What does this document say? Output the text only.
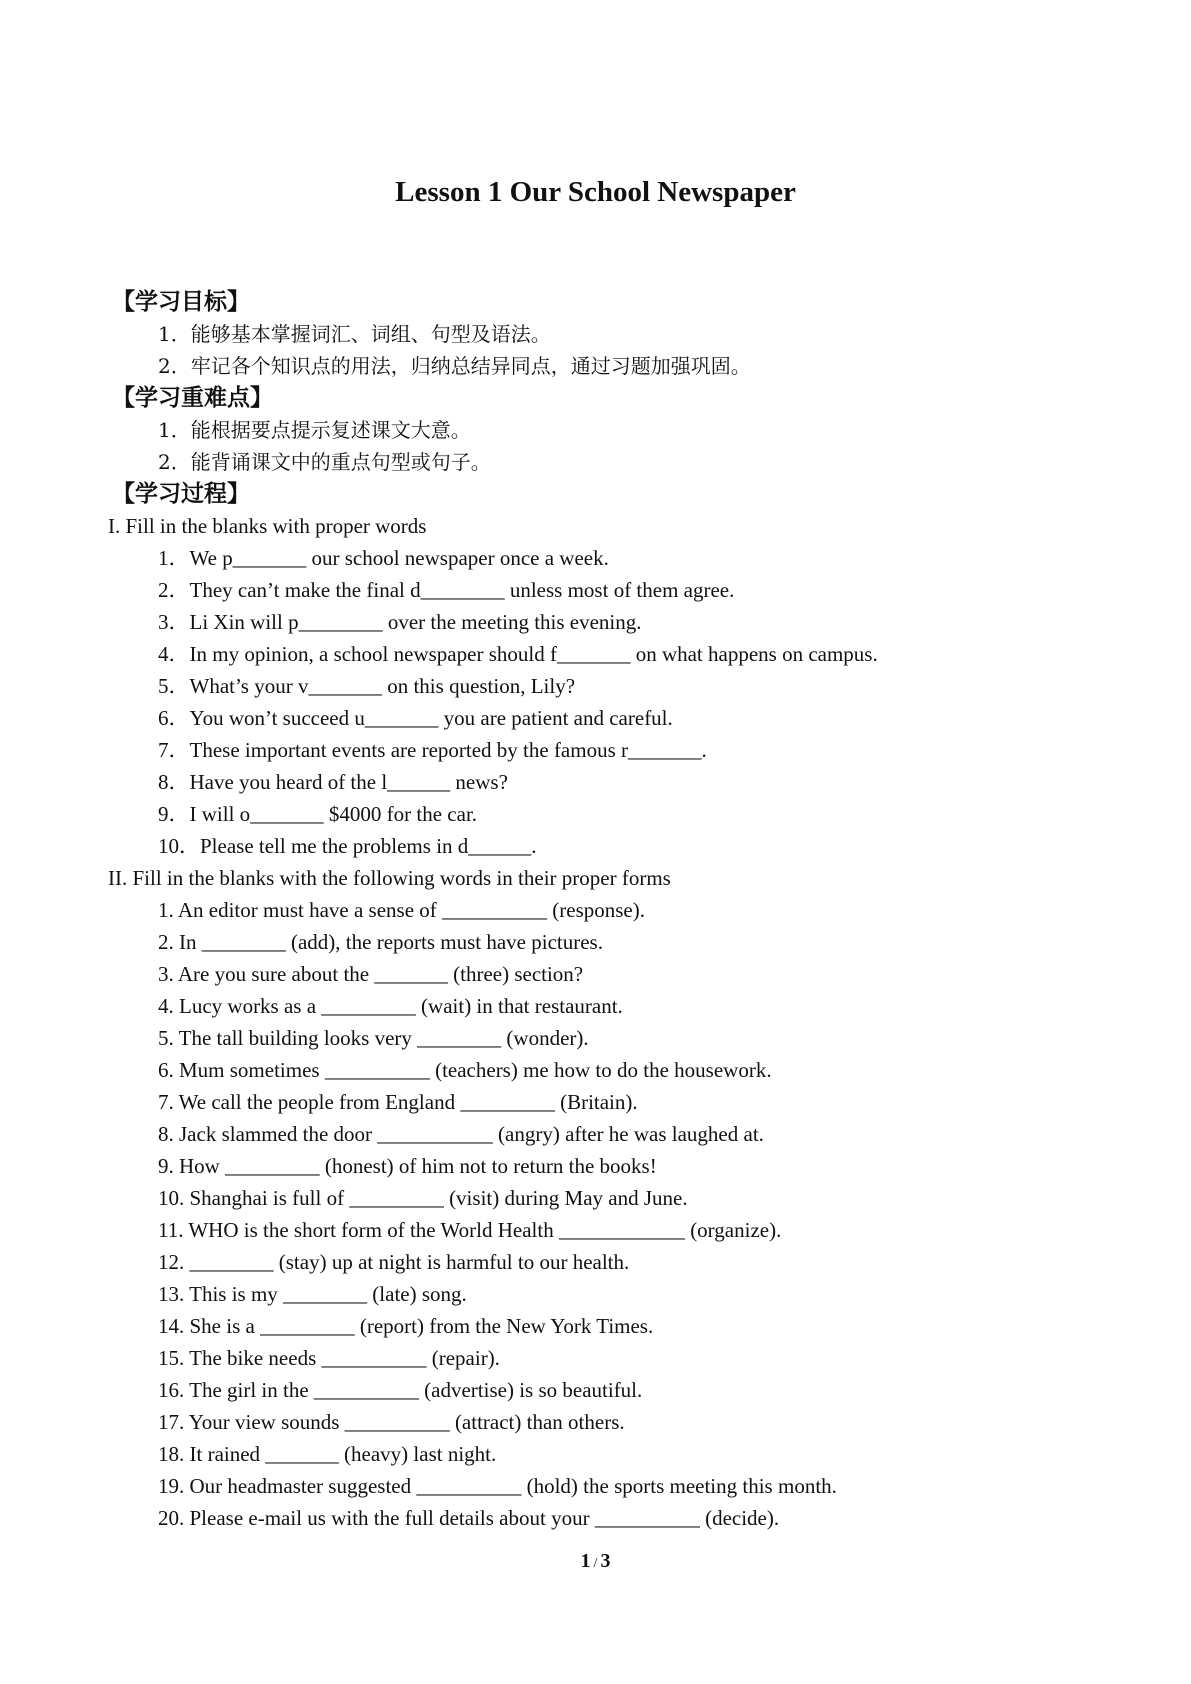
Lesson 1 Our School Newspaper
【学习目标】
1．能够基本掌握词汇、词组、句型及语法。
2．牢记各个知识点的用法，归纳总结异同点，通过习题加强巩固。
【学习重难点】
1．能根据要点提示复述课文大意。
2．能背诵课文中的重点句型或句子。
【学习过程】
I. Fill in the blanks with proper words
1．We p_______ our school newspaper once a week.
2．They can’t make the final d________ unless most of them agree.
3．Li Xin will p________ over the meeting this evening.
4．In my opinion, a school newspaper should f_______ on what happens on campus.
5．What’s your v_______ on this question, Lily?
6．You won’t succeed u_______ you are patient and careful.
7．These important events are reported by the famous r_______.
8．Have you heard of the l______ news?
9．I will o_______ $4000 for the car.
10．Please tell me the problems in d______.
II. Fill in the blanks with the following words in their proper forms
1. An editor must have a sense of __________ (response).
2. In ________ (add), the reports must have pictures.
3. Are you sure about the _______ (three) section?
4. Lucy works as a _________ (wait) in that restaurant.
5. The tall building looks very ________ (wonder).
6. Mum sometimes __________ (teachers) me how to do the housework.
7. We call the people from England _________ (Britain).
8. Jack slammed the door ___________ (angry) after he was laughed at.
9. How _________ (honest) of him not to return the books!
10. Shanghai is full of _________ (visit) during May and June.
11. WHO is the short form of the World Health ____________ (organize).
12. ________ (stay) up at night is harmful to our health.
13. This is my ________ (late) song.
14. She is a _________ (report) from the New York Times.
15. The bike needs __________ (repair).
16. The girl in the __________ (advertise) is so beautiful.
17. Your view sounds __________ (attract) than others.
18. It rained _______ (heavy) last night.
19. Our headmaster suggested __________ (hold) the sports meeting this month.
20. Please e-mail us with the full details about your __________ (decide).
1 / 3
